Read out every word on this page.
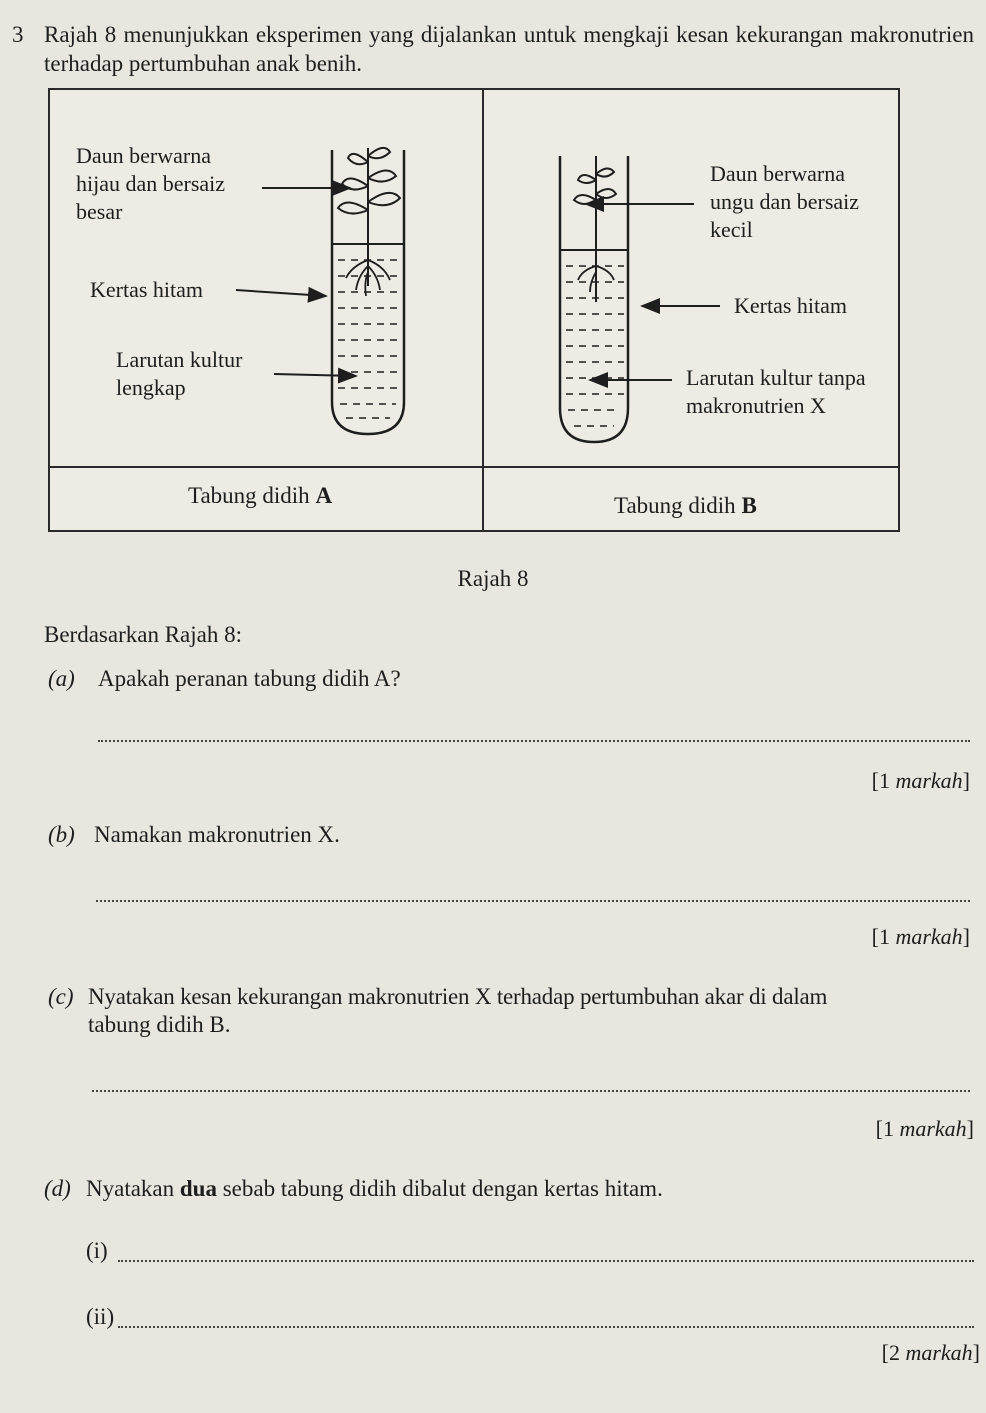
3 Rajah 8 menunjukkan eksperimen yang dijalankan untuk mengkaji kesan kekurangan makronutrien terhadap pertumbuhan anak benih.
Daun berwarna
hijau dan bersaiz
besar
Kertas hitam
Larutan kultur
lengkap
Daun berwarna
ungu dan bersaiz
kecil
Kertas hitam
Larutan kultur tanpa
makronutrien X
Tabung didih A	Tabung didih B
Rajah 8
Berdasarkan Rajah 8:
(a) Apakah peranan tabung didih A?
[1 markah]
(b) Namakan makronutrien X.
[1 markah]
(c) Nyatakan kesan kekurangan makronutrien X terhadap pertumbuhan akar di dalam
tabung didih B.
[1 markah]
(d) Nyatakan dua sebab tabung didih dibalut dengan kertas hitam.
(i)
(ii)
[2 markah]
